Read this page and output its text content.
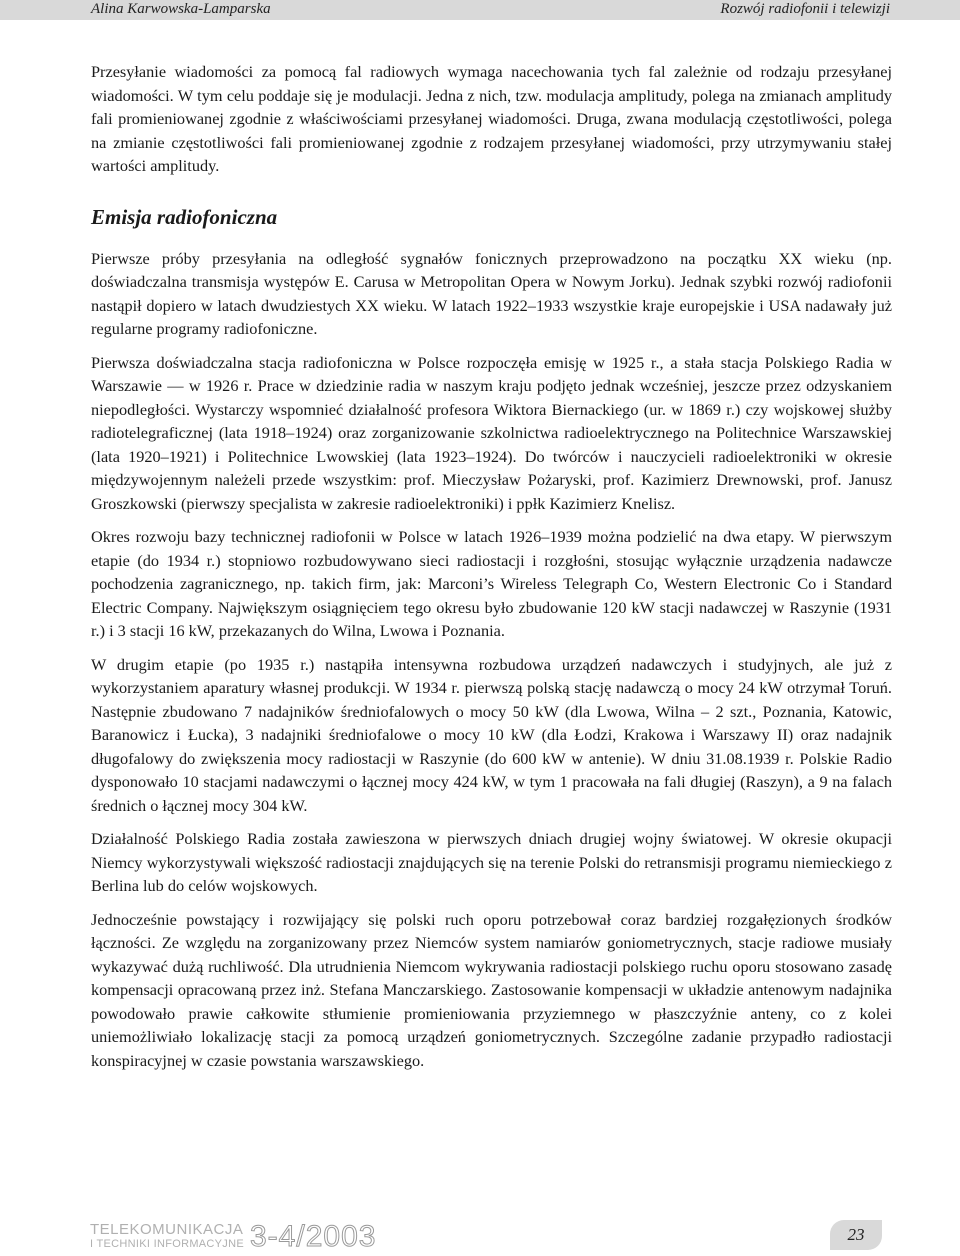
Alina Karwowska-Lamparska	Rozwój radiofonii i telewizji

Przesyłanie wiadomości za pomocą fal radiowych wymaga nacechowania tych fal zależnie od rodzaju przesyłanej wiadomości. W tym celu poddaje się je modulacji. Jedna z nich, tzw. modulacja amplitudy, polega na zmianach amplitudy fali promieniowanej zgodnie z właściwościami przesyłanej wiadomości. Druga, zwana modulacją częstotliwości, polega na zmianie częstotliwości fali promieniowanej zgodnie z rodzajem przesyłanej wiadomości, przy utrzymywaniu stałej wartości amplitudy.

Emisja radiofoniczna

Pierwsze próby przesyłania na odległość sygnałów fonicznych przeprowadzono na początku XX wieku (np. doświadczalna transmisja występów E. Carusa w Metropolitan Opera w Nowym Jorku). Jednak szybki rozwój radiofonii nastąpił dopiero w latach dwudziestych XX wieku. W latach 1922–1933 wszystkie kraje europejskie i USA nadawały już regularne programy radiofoniczne.

Pierwsza doświadczalna stacja radiofoniczna w Polsce rozpoczęła emisję w 1925 r., a stała stacja Polskiego Radia w Warszawie — w 1926 r. Prace w dziedzinie radia w naszym kraju podjęto jednak wcześniej, jeszcze przez odzyskaniem niepodległości. Wystarczy wspomnieć działalność profesora Wiktora Biernackiego (ur. w 1869 r.) czy wojskowej służby radiotelegraficznej (lata 1918–1924) oraz zorganizowanie szkolnictwa radioelektrycznego na Politechnice Warszawskiej (lata 1920–1921) i Politechnice Lwowskiej (lata 1923–1924). Do twórców i nauczycieli radioelektroniki w okresie międzywojennym należeli przede wszystkim: prof. Mieczysław Pożaryski, prof. Kazimierz Drewnowski, prof. Janusz Groszkowski (pierwszy specjalista w zakresie radioelektroniki) i ppłk Kazimierz Knelisz.

Okres rozwoju bazy technicznej radiofonii w Polsce w latach 1926–1939 można podzielić na dwa etapy. W pierwszym etapie (do 1934 r.) stopniowo rozbudowywano sieci radiostacji i rozgłośni, stosując wyłącznie urządzenia nadawcze pochodzenia zagranicznego, np. takich firm, jak: Marconi’s Wireless Telegraph Co, Western Electronic Co i Standard Electric Company. Największym osiągnięciem tego okresu było zbudowanie 120 kW stacji nadawczej w Raszynie (1931 r.) i 3 stacji 16 kW, przekazanych do Wilna, Lwowa i Poznania.

W drugim etapie (po 1935 r.) nastąpiła intensywna rozbudowa urządzeń nadawczych i studyjnych, ale już z wykorzystaniem aparatury własnej produkcji. W 1934 r. pierwszą polską stację nadawczą o mocy 24 kW otrzymał Toruń. Następnie zbudowano 7 nadajników średniofalowych o mocy 50 kW (dla Lwowa, Wilna – 2 szt., Poznania, Katowic, Baranowicz i Łucka), 3 nadajniki średniofalowe o mocy 10 kW (dla Łodzi, Krakowa i Warszawy II) oraz nadajnik długofalowy do zwiększenia mocy radiostacji w Raszynie (do 600 kW w antenie). W dniu 31.08.1939 r. Polskie Radio dysponowało 10 stacjami nadawczymi o łącznej mocy 424 kW, w tym 1 pracowała na fali długiej (Raszyn), a 9 na falach średnich o łącznej mocy 304 kW.

Działalność Polskiego Radia została zawieszona w pierwszych dniach drugiej wojny światowej. W okresie okupacji Niemcy wykorzystywali większość radiostacji znajdujących się na terenie Polski do retransmisji programu niemieckiego z Berlina lub do celów wojskowych.

Jednocześnie powstający i rozwijający się polski ruch oporu potrzebował coraz bardziej rozgałęzionych środków łączności. Ze względu na zorganizowany przez Niemców system namiarów goniometrycznych, stacje radiowe musiały wykazywać dużą ruchliwość. Dla utrudnienia Niemcom wykrywania radiostacji polskiego ruchu oporu stosowano zasadę kompensacji opracowaną przez inż. Stefana Manczarskiego. Zastosowanie kompensacji w układzie antenowym nadajnika powodowało prawie całkowite stłumienie promieniowania przyziemnego w płaszczyźnie anteny, co z kolei uniemożliwiało lokalizację stacji za pomocą urządzeń goniometrycznych. Szczególne zadanie przypadło radiostacji konspiracyjnej w czasie powstania warszawskiego.

TELEKOMUNIKACJA
I TECHNIKI INFORMACYJNE 3-4/2003	23
